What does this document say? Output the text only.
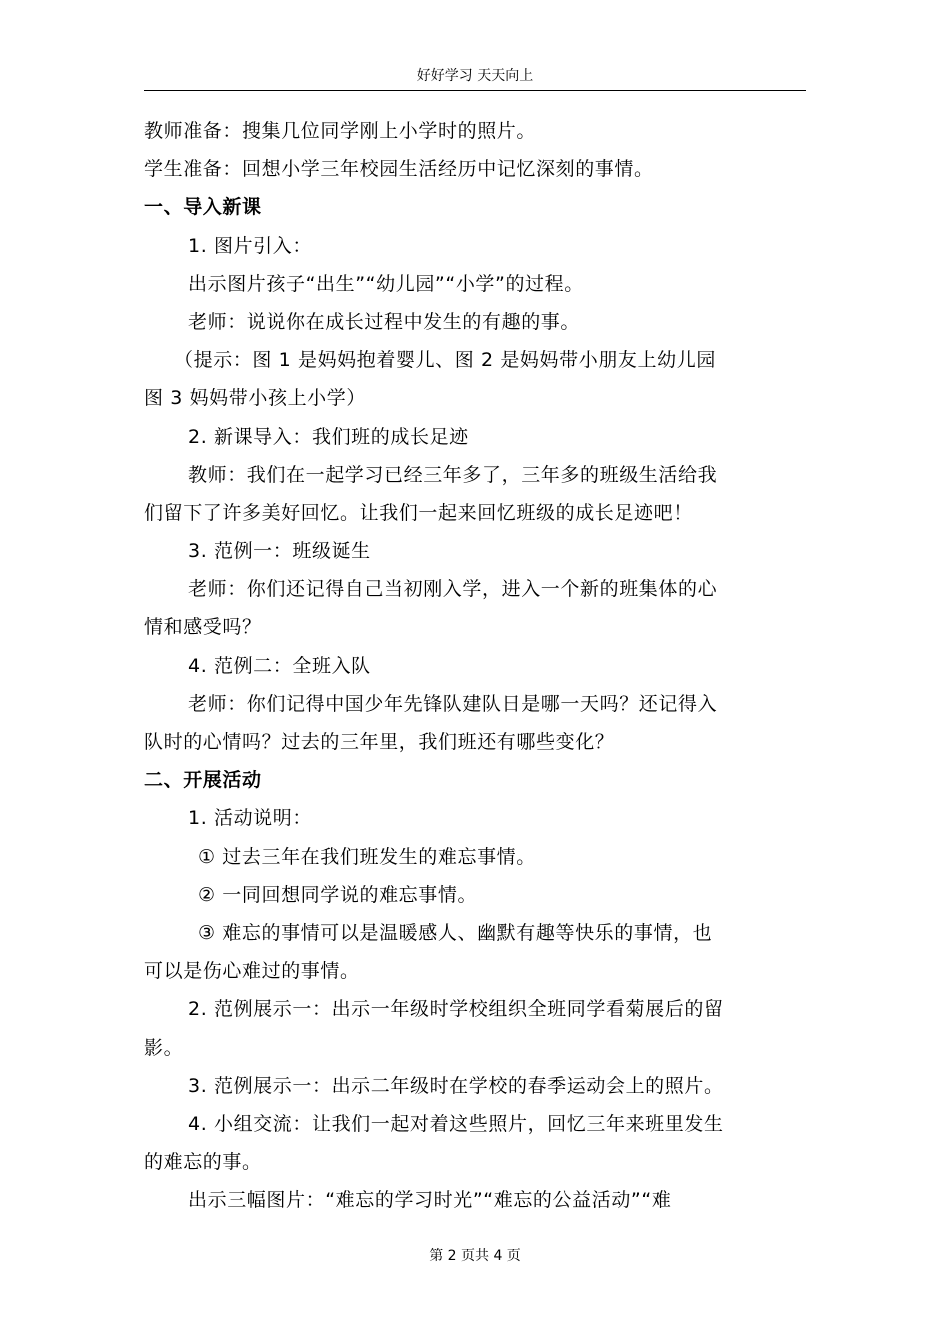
好好学习 天天向上
教师准备：搜集几位同学刚上小学时的照片。
学生准备：回想小学三年校园生活经历中记忆深刻的事情。
一、导入新课
1. 图片引入：
出示图片孩子“出生”“幼儿园”“小学”的过程。
老师：说说你在成长过程中发生的有趣的事。
（提示：图 1 是妈妈抱着婴儿、图 2 是妈妈带小朋友上幼儿园
图 3 妈妈带小孩上小学）
2. 新课导入：我们班的成长足迹
教师：我们在一起学习已经三年多了，三年多的班级生活给我
们留下了许多美好回忆。让我们一起来回忆班级的成长足迹吧！
3. 范例一：班级诞生
老师：你们还记得自己当初刚入学，进入一个新的班集体的心
情和感受吗？
4. 范例二：全班入队
老师：你们记得中国少年先锋队建队日是哪一天吗？还记得入
队时的心情吗？过去的三年里，我们班还有哪些变化？
二、开展活动
1. 活动说明：
① 过去三年在我们班发生的难忘事情。
② 一同回想同学说的难忘事情。
③ 难忘的事情可以是温暖感人、幽默有趣等快乐的事情，也
可以是伤心难过的事情。
2. 范例展示一：出示一年级时学校组织全班同学看菊展后的留
影。
3. 范例展示一：出示二年级时在学校的春季运动会上的照片。
4. 小组交流：让我们一起对着这些照片，回忆三年来班里发生
的难忘的事。
出示三幅图片：“难忘的学习时光”“难忘的公益活动”“难
第 2 页共 4 页
